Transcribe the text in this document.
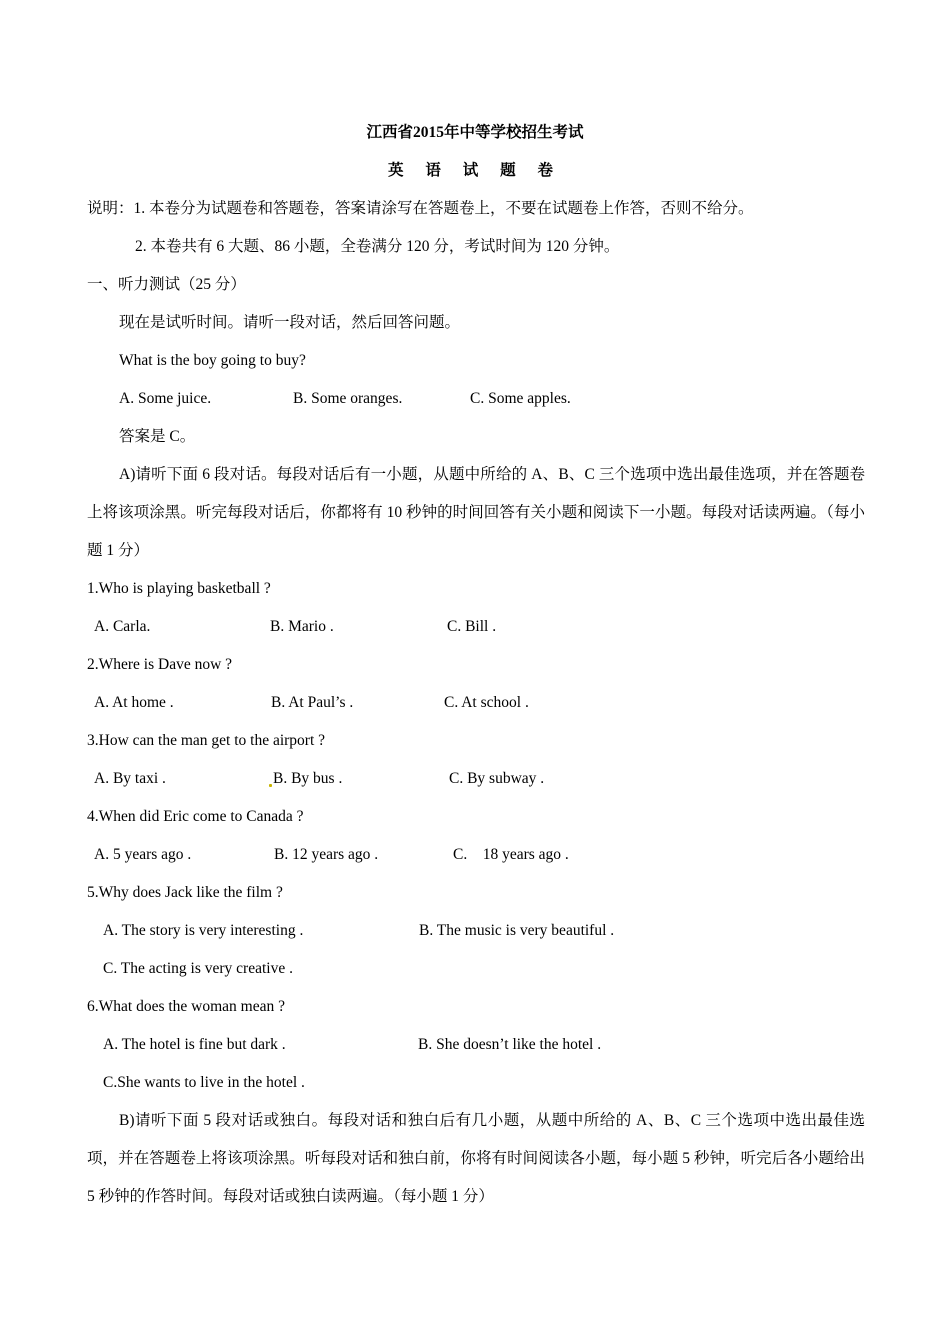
江西省2015年中等学校招生考试
英 语 试 题 卷
说明：1. 本卷分为试题卷和答题卷，答案请涂写在答题卷上，不要在试题卷上作答，否则不给分。
2. 本卷共有 6 大题、86 小题，全卷满分 120 分，考试时间为 120 分钟。
一、听力测试（25 分）
现在是试听时间。请听一段对话，然后回答问题。
What is the boy going to buy?
A. Some juice.	B. Some oranges.	C. Some apples.
答案是 C。
A)请听下面 6 段对话。每段对话后有一小题，从题中所给的 A、B、C 三个选项中选出最佳选项，并在答题卷上将该项涂黑。听完每段对话后，你都将有 10 秒钟的时间回答有关小题和阅读下一小题。每段对话读两遍。（每小题 1 分）
1.Who is playing basketball ?
A. Carla.	B. Mario .	C. Bill .
2.Where is Dave now ?
A. At home .	B. At Paul’s .	C. At school .
3.How can the man get to the airport ?
A. By taxi .	B. By bus .	C. By subway .
4.When did Eric come to Canada ?
A. 5 years ago .	B. 12 years ago .	C.    18 years ago .
5.Why does Jack like the film ?
A. The story is very interesting .	B. The music is very beautiful .
C. The acting is very creative .
6.What does the woman mean ?
A. The hotel is fine but dark .	B. She doesn’t like the hotel .
C.She wants to live in the hotel .
B)请听下面 5 段对话或独白。每段对话和独白后有几小题，从题中所给的 A、B、C 三个选项中选出最佳选项，并在答题卷上将该项涂黑。听每段对话和独白前，你将有时间阅读各小题，每小题 5 秒钟，听完后各小题给出 5 秒钟的作答时间。每段对话或独白读两遍。（每小题 1 分）
